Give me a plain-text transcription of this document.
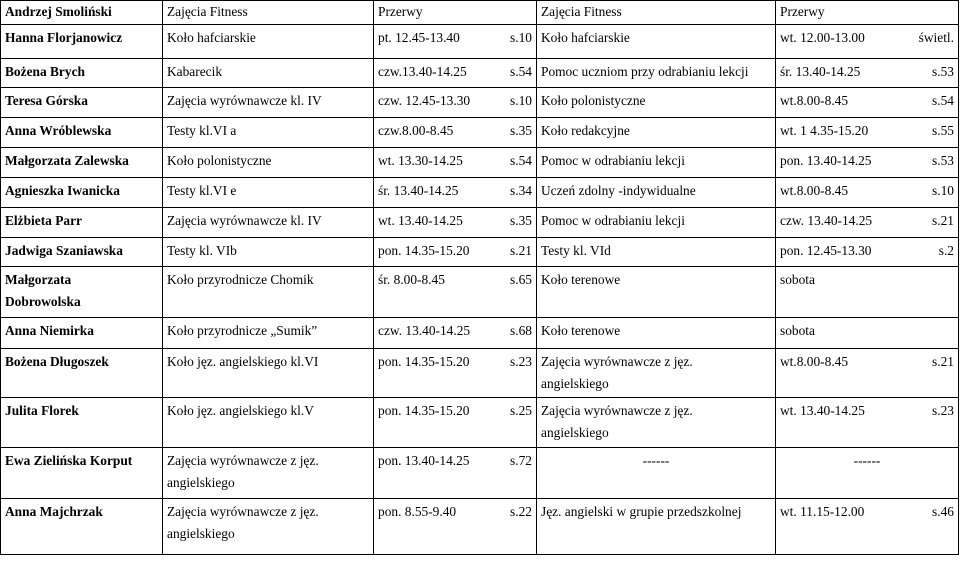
Andrzej Smoliński	Zajęcia Fitness	Przerwy	Zajęcia Fitness	Przerwy
Hanna Florjanowicz	Koło hafciarskie	pt. 12.45-13.40 s.10	Koło hafciarskie	wt. 12.00-13.00 świetl.

Bożena Brych	Kabarecik	czw.13.40-14.25 s.54	Pomoc uczniom przy odrabianiu lekcji	śr. 13.40-14.25 s.53

Teresa Górska	Zajęcia wyrównawcze kl. IV	czw. 12.45-13.30 s.10	Koło polonistyczne	wt.8.00-8.45 s.54

Anna Wróblewska	Testy kl.VI a	czw.8.00-8.45 s.35	Koło redakcyjne	wt. 1 4.35-15.20 s.55

Małgorzata Zalewska	Koło polonistyczne	wt. 13.30-14.25 s.54	Pomoc w odrabianiu lekcji	pon. 13.40-14.25 s.53

Agnieszka Iwanicka	Testy kl.VI e	śr. 13.40-14.25 s.34	Uczeń zdolny -indywidualne	wt.8.00-8.45 s.10

Elżbieta Parr	Zajęcia wyrównawcze kl. IV	wt. 13.40-14.25 s.35	Pomoc w odrabianiu lekcji	czw. 13.40-14.25 s.21

Jadwiga Szaniawska	Testy kl. VIb	pon. 14.35-15.20 s.21	Testy kl. VId	pon. 12.45-13.30 s.2

Małgorzata Dobrowolska	Koło przyrodnicze Chomik	śr. 8.00-8.45 s.65	Koło terenowe	sobota

Anna Niemirka	Koło przyrodnicze „Sumik”	czw. 13.40-14.25 s.68	Koło terenowe	sobota

Bożena Długoszek	Koło jęz. angielskiego kl.VI	pon. 14.35-15.20 s.23	Zajęcia wyrównawcze z jęz. angielskiego	wt.8.00-8.45 s.21

Julita Florek	Koło jęz. angielskiego kl.V	pon. 14.35-15.20 s.25	Zajęcia wyrównawcze z jęz. angielskiego	wt. 13.40-14.25 s.23

Ewa Zielińska Korput	Zajęcia wyrównawcze z jęz. angielskiego	pon. 13.40-14.25 s.72	------	------
Anna Majchrzak	Zajęcia wyrównawcze z jęz. angielskiego	pon. 8.55-9.40 s.22	Jęz. angielski w grupie przedszkolnej	wt. 11.15-12.00 s.46
